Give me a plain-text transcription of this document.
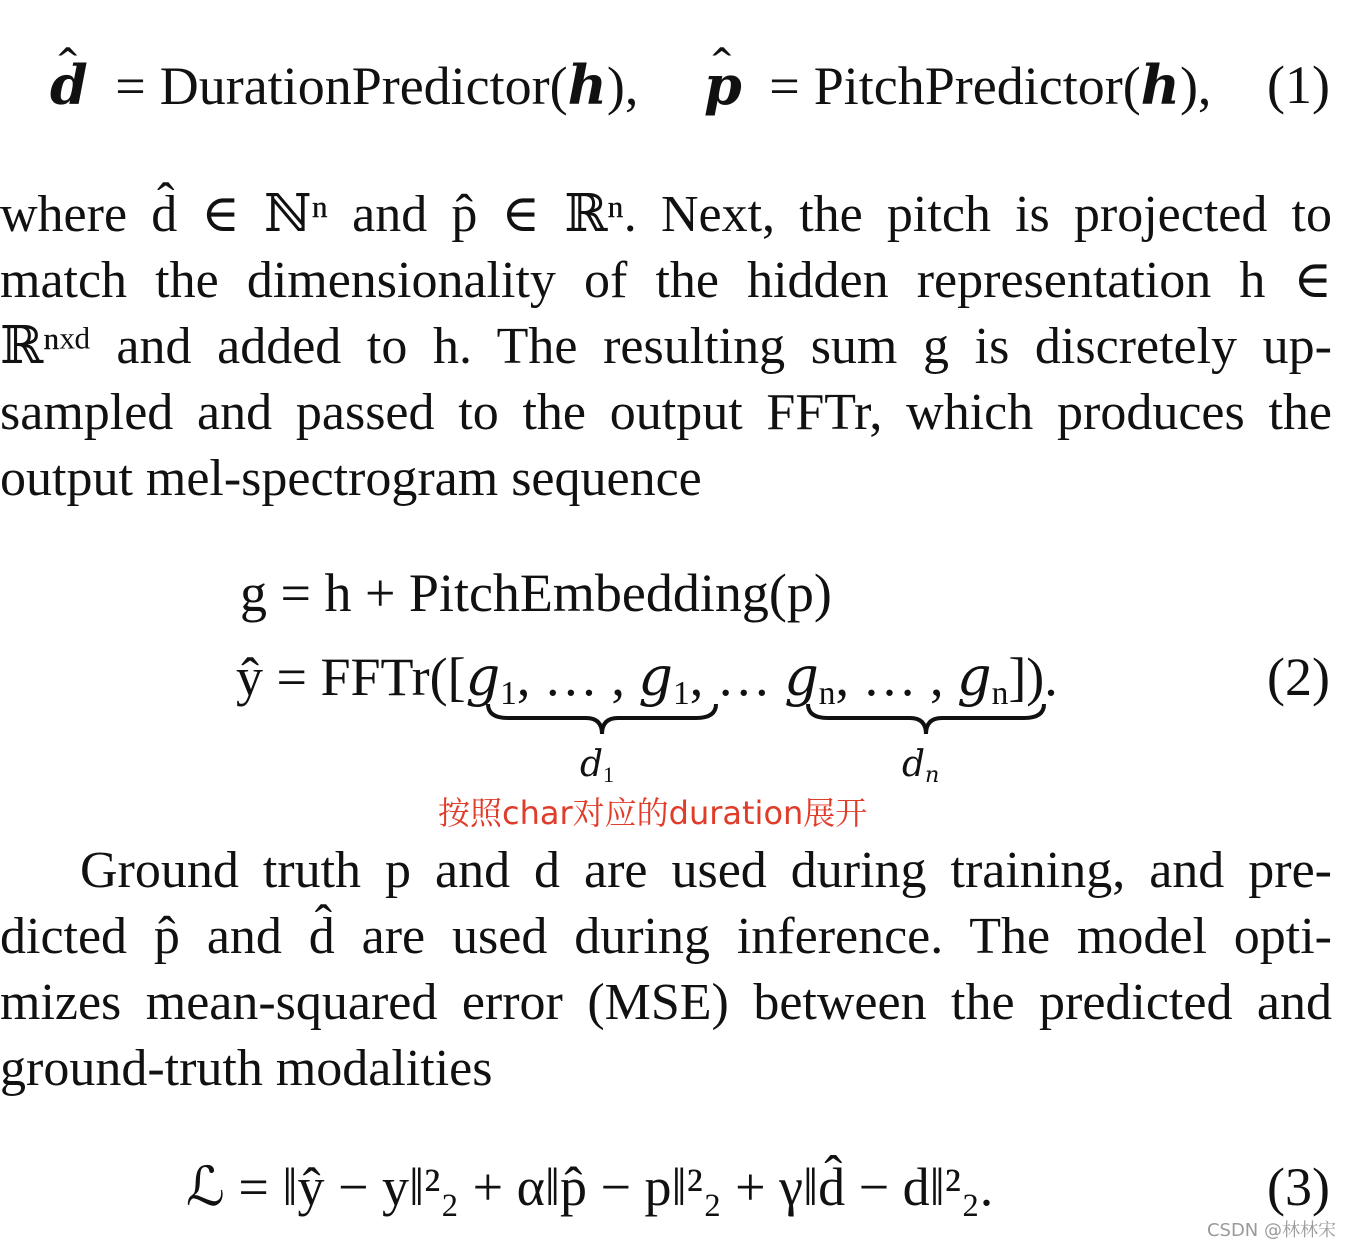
^ d = DurationPredictor(h),
^ p = PitchPredictor(h), (1)
where d̂ ∈ ℕⁿ and p̂ ∈ ℝⁿ. Next, the pitch is projected to
match the dimensionality of the hidden representation h ∈
ℝⁿˣᵈ and added to h. The resulting sum g is discretely up-
sampled and passed to the output FFTr, which produces the
output mel-spectrogram sequence
g = h + PitchEmbedding(p)
ŷ = FFTr([g1, … , g1, … gn, … , gn]).	(2)
d1	dn
按照char对应的duration展开
Ground truth p and d are used during training, and pre-
dicted p̂ and d̂ are used during inference. The model opti-
mizes mean-squared error (MSE) between the predicted and
ground-truth modalities
ℒ = ‖ŷ − y‖²₂ + α‖p̂ − p‖²₂ + γ‖d̂ − d‖²₂.	(3)
CSDN @林林宋
